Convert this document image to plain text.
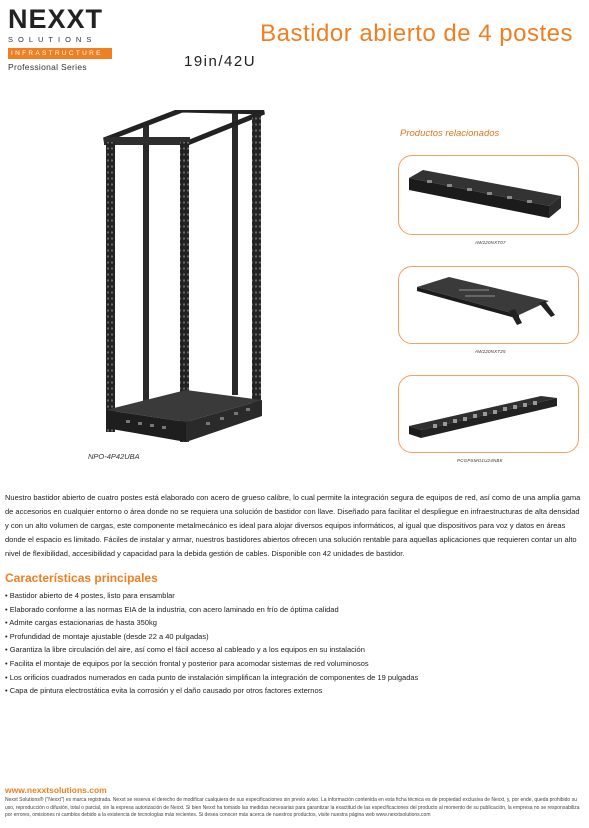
NEXXT
SOLUTIONS
INFRASTRUCTURE
Professional Series
Bastidor abierto de 4 postes
19in/42U
NPO-4P42UBA
Productos relacionados
AW220NXT07
AW220NXT25
PCGPSMO1U24NBK
Nuestro bastidor abierto de cuatro postes está elaborado con acero de grueso calibre, lo cual permite la integración segura de equipos de red, así como de una amplia gama de accesorios en cualquier entorno o área donde no se requiera una solución de bastidor con llave. Diseñado para facilitar el despliegue en infraestructuras de alta densidad y con un alto volumen de cargas, este componente metalmecánico es ideal para alojar diversos equipos informáticos, al igual que dispositivos para voz y datos en áreas donde el espacio es limitado. Fáciles de instalar y armar, nuestros bastidores abiertos ofrecen una solución rentable para aquellas aplicaciones que requieren contar un alto nivel de flexibilidad, accesibilidad y capacidad para la debida gestión de cables. Disponible con 42 unidades de bastidor.
Características principales
• Bastidor abierto de 4 postes, listo para ensamblar
• Elaborado conforme a las normas EIA de la industria, con acero laminado en frío de óptima calidad
• Admite cargas estacionarias de hasta 350kg
• Profundidad de montaje ajustable (desde 22 a 40 pulgadas)
• Garantiza la libre circulación del aire, así como el fácil acceso al cableado y a los equipos en su instalación
• Facilita el montaje de equipos por la sección frontal y posterior para acomodar sistemas de red voluminosos
• Los orificios cuadrados numerados en cada punto de instalación simplifican la integración de componentes de 19 pulgadas
• Capa de pintura electrostática evita la corrosión y el daño causado por otros factores externos
www.nexxtsolutions.com
Nexxt Solutions® ("Nexxt") es marca registrada. Nexxt se reserva el derecho de modificar cualquiera de sus especificaciones sin previo aviso. La información contenida en esta ficha técnica es de propiedad exclusiva de Nexxt, y, por ende, queda prohibido su uso, reproducción o difusión, total o parcial, sin la expresa autorización de Nexxt. Si bien Nexxt ha tomado las medidas necesarias para garantizar la exactitud de las especificaciones del producto al momento de su publicación, la empresa no se responsabiliza por errores, omisiones ni cambios debido a la existencia de tecnologías más recientes. Si desea conocer más acerca de nuestros productos, visite nuestra página web www.nexxtsolutions.com
